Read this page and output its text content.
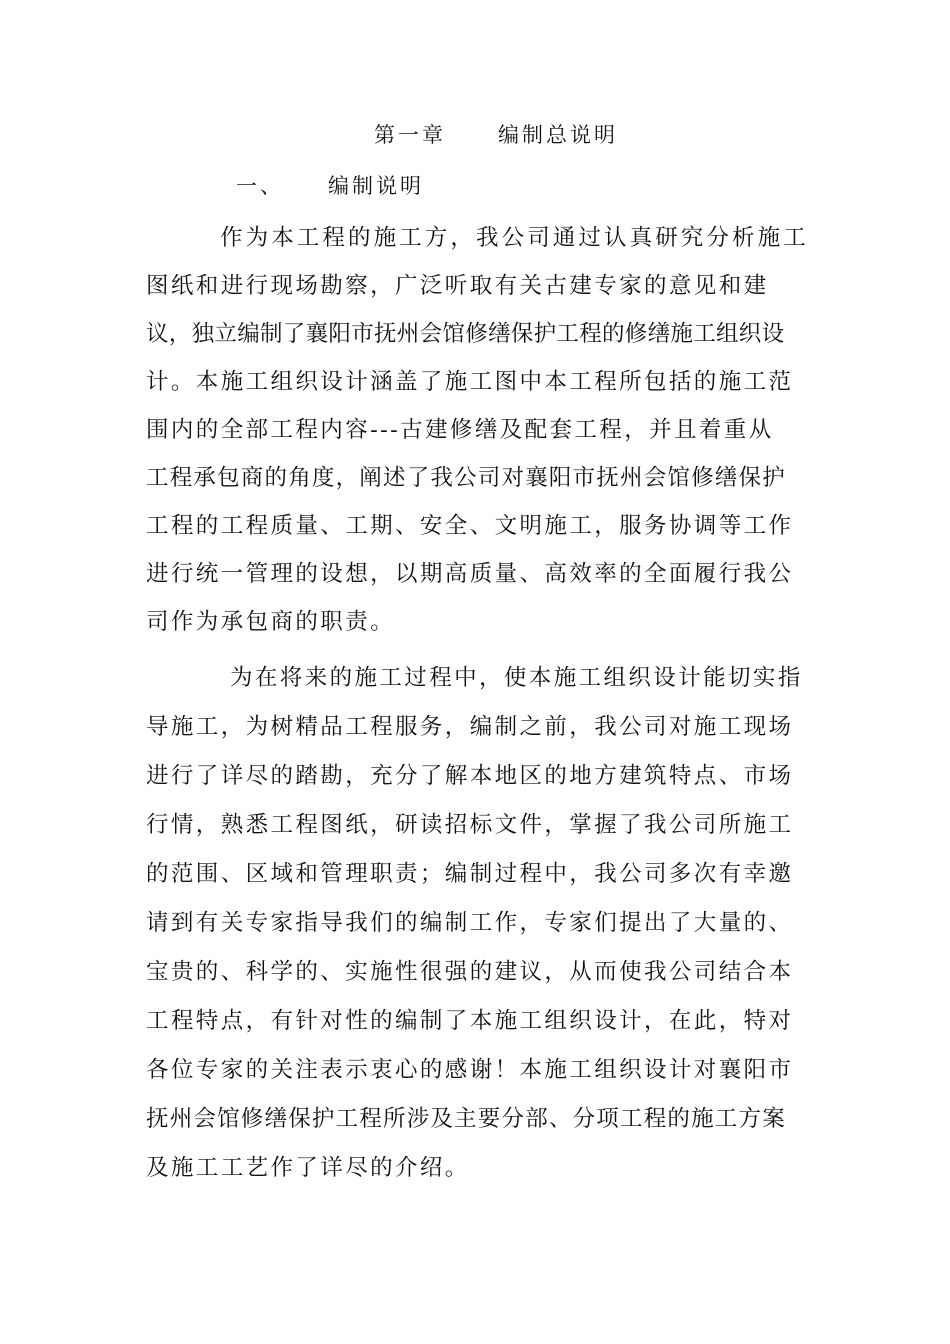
第一章 编制总说明
一、 编制说明
作为本工程的施工方，我公司通过认真研究分析施工
图纸和进行现场勘察，广泛听取有关古建专家的意见和建
议，独立编制了襄阳市抚州会馆修缮保护工程的修缮施工组织设
计。本施工组织设计涵盖了施工图中本工程所包括的施工范
围内的全部工程内容---古建修缮及配套工程，并且着重从
工程承包商的角度，阐述了我公司对襄阳市抚州会馆修缮保护
工程的工程质量、工期、安全、文明施工，服务协调等工作
进行统一管理的设想，以期高质量、高效率的全面履行我公
司作为承包商的职责。
为在将来的施工过程中，使本施工组织设计能切实指
导施工，为树精品工程服务，编制之前，我公司对施工现场
进行了详尽的踏勘，充分了解本地区的地方建筑特点、市场
行情，熟悉工程图纸，研读招标文件，掌握了我公司所施工
的范围、区域和管理职责；编制过程中，我公司多次有幸邀
请到有关专家指导我们的编制工作，专家们提出了大量的、
宝贵的、科学的、实施性很强的建议，从而使我公司结合本
工程特点，有针对性的编制了本施工组织设计，在此，特对
各位专家的关注表示衷心的感谢！本施工组织设计对襄阳市
抚州会馆修缮保护工程所涉及主要分部、分项工程的施工方案
及施工工艺作了详尽的介绍。
